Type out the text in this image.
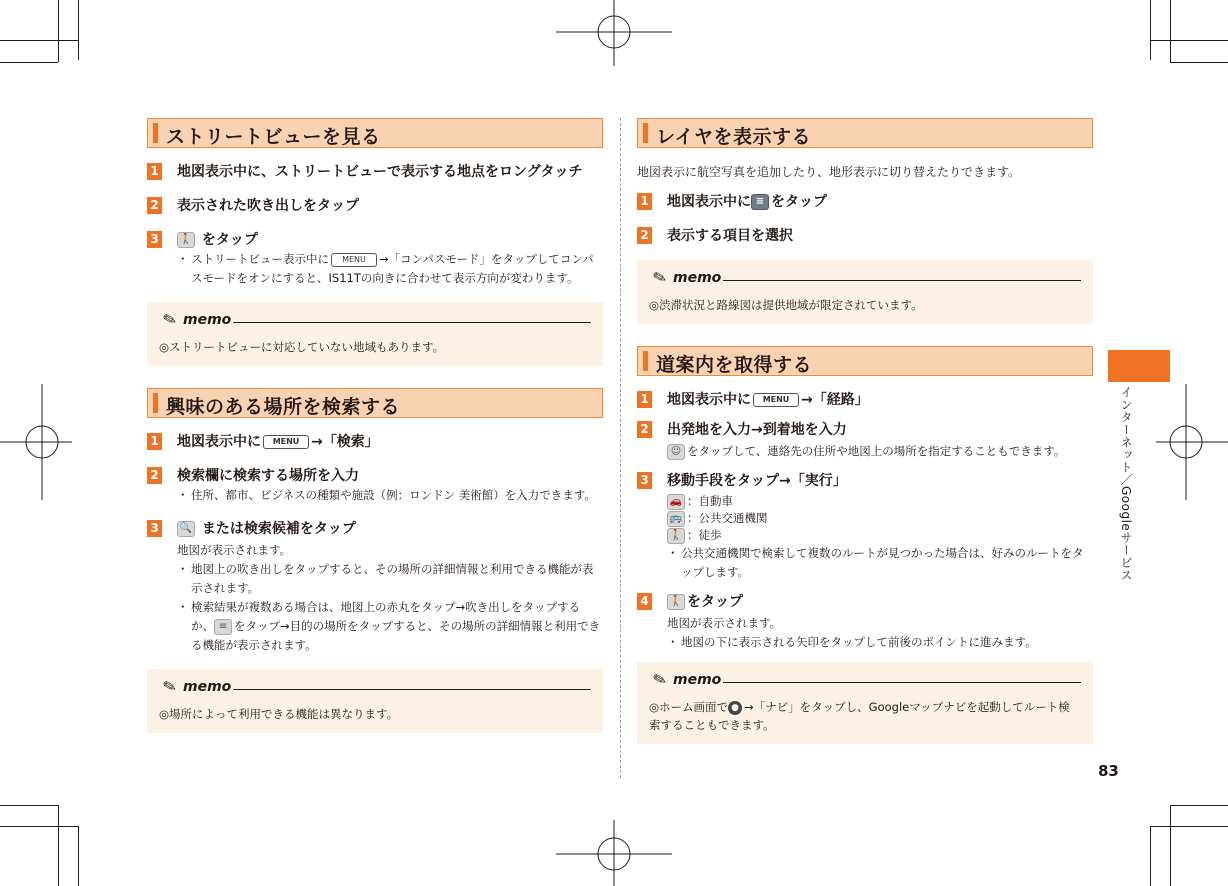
ストリートビューを見る
1 地図表示中に、ストリートビューで表示する地点をロングタッチ
2 表示された吹き出しをタップ
3	🚶 をタップ
・ ストリートビュー表示中に MENU →「コンパスモード」をタップしてコンパスモードをオンにすると、IS11Tの向きに合わせて表示方向が変わります。
✎ memo
◎ストリートビューに対応していない地域もあります。
興味のある場所を検索する
1 地図表示中に MENU →「検索」
2 検索欄に検索する場所を入力
・ 住所、都市、ビジネスの種類や施設（例：ロンドン 美術館）を入力できます。
3	🔍 または検索候補をタップ
地図が表示されます。
・ 地図上の吹き出しをタップすると、その場所の詳細情報と利用できる機能が表示されます。
・ 検索結果が複数ある場合は、地図上の赤丸をタップ→吹き出しをタップするか、 ≡ をタップ→目的の場所をタップすると、その場所の詳細情報と利用できる機能が表示されます。
✎ memo
◎場所によって利用できる機能は異なります。
レイヤを表示する
地図表示に航空写真を追加したり、地形表示に切り替えたりできます。
1 地図表示中に ≡ をタップ
2 表示する項目を選択
✎ memo
◎渋滞状況と路線図は提供地域が限定されています。
道案内を取得する
1 地図表示中に MENU →「経路」
2 出発地を入力→到着地を入力
☺ をタップして、連絡先の住所や地図上の場所を指定することもできます。
3 移動手段をタップ→「実行」
🚗 ：自動車
🚌 ：公共交通機関
🚶 ：徒歩
・ 公共交通機関で検索して複数のルートが見つかった場合は、好みのルートをタップします。
4	🚶 をタップ
地図が表示されます。
・ 地図の下に表示される矢印をタップして前後のポイントに進みます。
✎ memo
◎ホーム画面で ● →「ナビ」をタップし、Googleマップナビを起動してルート検索することもできます。
インターネット／Googleサービス
83
